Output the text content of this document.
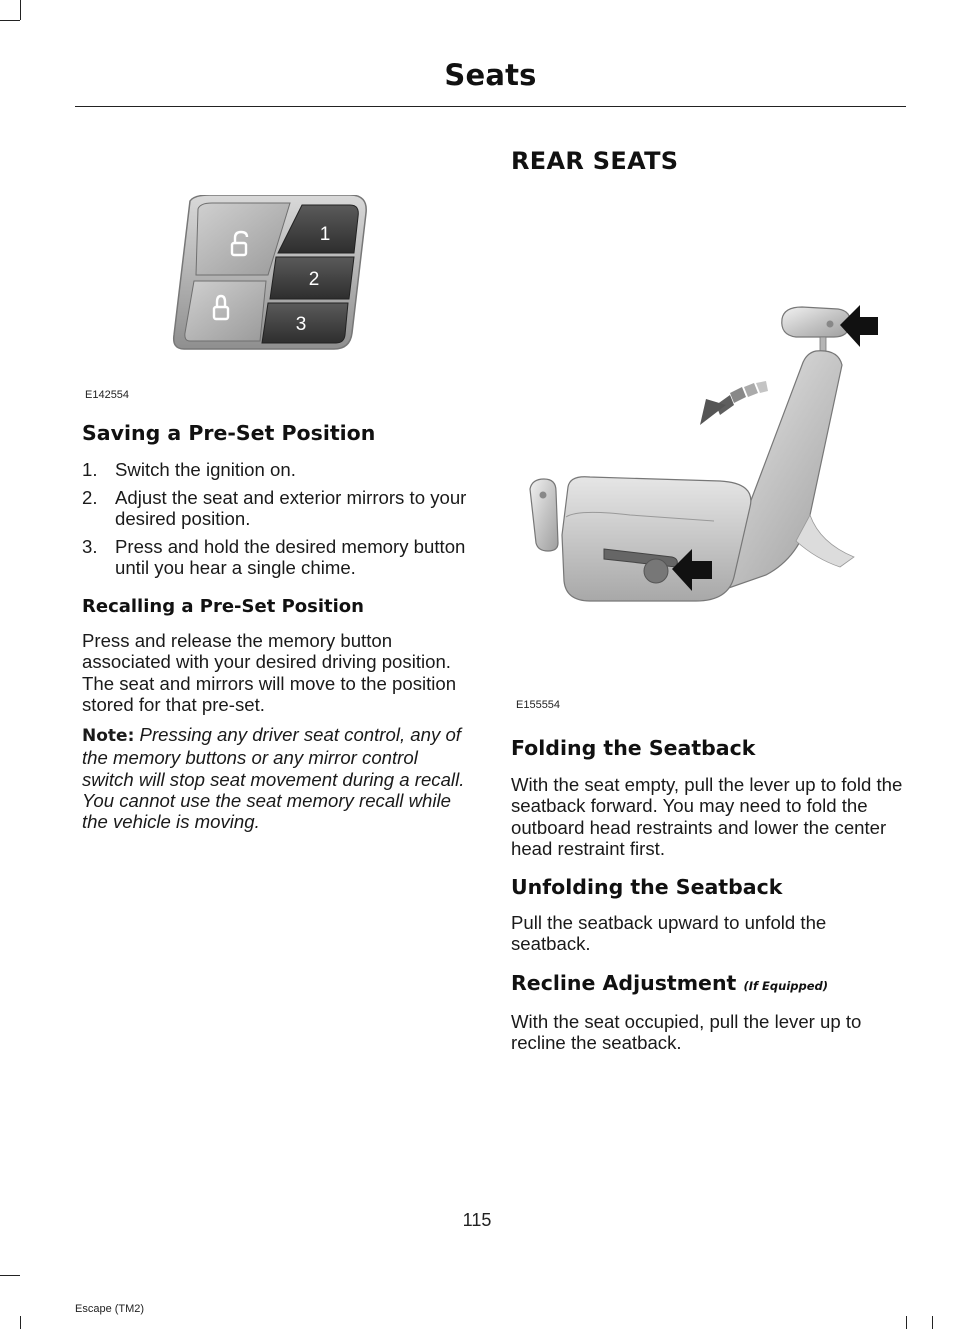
Seats
1
2
3
E142554
Saving a Pre-Set Position
1. Switch the ignition on.
2. Adjust the seat and exterior mirrors to your desired position.
3. Press and hold the desired memory button until you hear a single chime.
Recalling a Pre-Set Position
Press and release the memory button associated with your desired driving position. The seat and mirrors will move to the position stored for that pre-set.
Note: Pressing any driver seat control, any of the memory buttons or any mirror control switch will stop seat movement during a recall. You cannot use the seat memory recall while the vehicle is moving.
REAR SEATS
E155554
Folding the Seatback
With the seat empty, pull the lever up to fold the seatback forward. You may need to fold the outboard head restraints and lower the center head restraint first.
Unfolding the Seatback
Pull the seatback upward to unfold the seatback.
Recline Adjustment (If Equipped)
With the seat occupied, pull the lever up to recline the seatback.
115
Escape (TM2)
